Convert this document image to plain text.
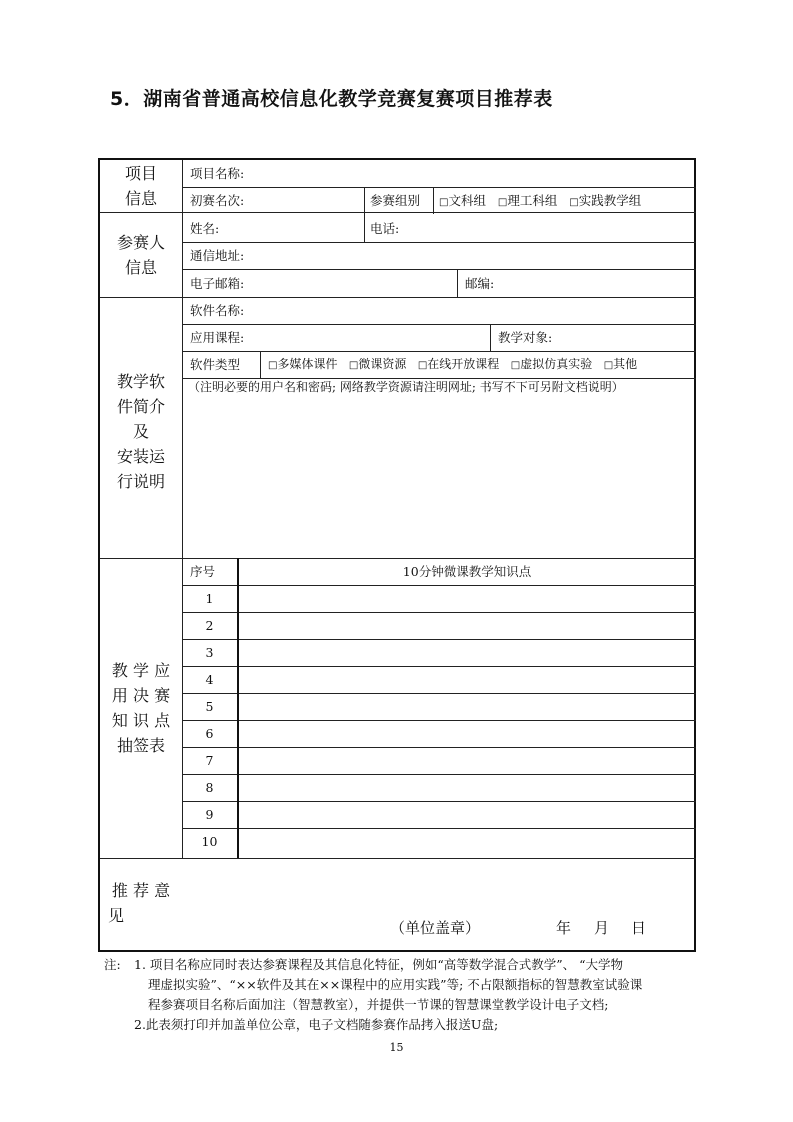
5．湖南省普通高校信息化教学竞赛复赛项目推荐表
项目
信息
项目名称:
初赛名次:	参赛组别 □文科组 □理工科组 □实践教学组
参赛人
信息
姓名:	电话:
通信地址:
电子邮箱:	邮编:
教学软
件简介
及
安装运
行说明
软件名称:
应用课程:	教学对象:
软件类型	□多媒体课件 □微课资源 □在线开放课程 □虚拟仿真实验 □其他
（注明必要的用户名和密码; 网络教学资源请注明网址; 书写不下可另附文档说明）
教 学 应
用 决 赛
知 识 点
抽签表
序号	10分钟微课教学知识点
1
2
3
4
5
6
7
8
9
10
推 荐 意
见
（单位盖章）	年 月 日
注: 1. 项目名称应同时表达参赛课程及其信息化特征，例如“高等数学混合式教学”、 “大学物
理虚拟实验”、“××软件及其在××课程中的应用实践”等; 不占限额指标的智慧教室试验课
程参赛项目名称后面加注（智慧教室），并提供一节课的智慧课堂教学设计电子文档;
2.此表须打印并加盖单位公章，电子文档随参赛作品拷入报送U盘;
15
